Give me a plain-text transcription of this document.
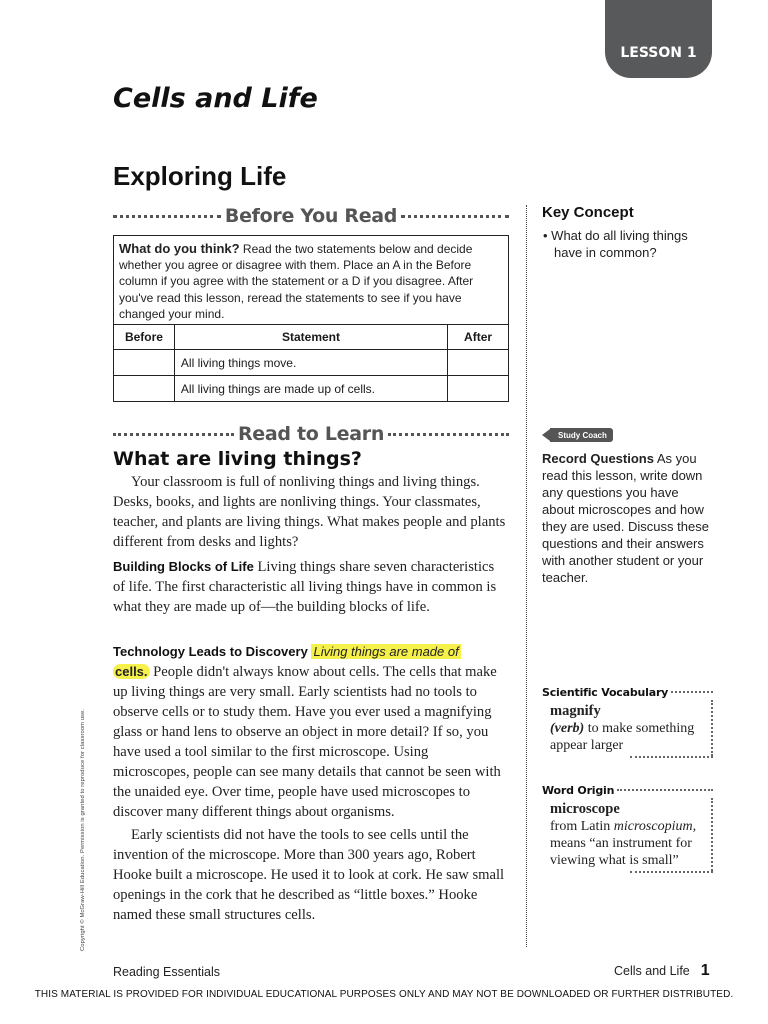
LESSON 1
Cells and Life
Exploring Life
Before You Read
What do you think? Read the two statements below and decide whether you agree or disagree with them. Place an A in the Before column if you agree with the statement or a D if you disagree. After you've read this lesson, reread the statements to see if you have changed your mind.
Before	Statement	After
	All living things move.	
	All living things are made up of cells.	
Key Concept
• What do all living things have in common?
Read to Learn
What are living things?

Your classroom is full of nonliving things and living things. Desks, books, and lights are nonliving things. Your classmates, teacher, and plants are living things. What makes people and plants different from desks and lights?

Building Blocks of Life Living things share seven characteristics of life. The first characteristic all living things have in common is what they are made up of—the building blocks of life.

Technology Leads to Discovery Living things are made of
cells. People didn't always know about cells. The cells that make up living things are very small. Early scientists had no tools to observe cells or to study them. Have you ever used a magnifying glass or hand lens to observe an object in more detail? If so, you have used a tool similar to the first microscope. Using microscopes, people can see many details that cannot be seen with the unaided eye. Over time, people have used microscopes to discover many different things about organisms.

Early scientists did not have the tools to see cells until the invention of the microscope. More than 300 years ago, Robert Hooke built a microscope. He used it to look at cork. He saw small openings in the cork that he described as “little boxes.” Hooke named these small structures cells.

Study Coach
Record Questions As you read this lesson, write down any questions you have about microscopes and how they are used. Discuss these questions and their answers with another student or your teacher.
Scientific Vocabulary
magnify
(verb) to make something appear larger
Word Origin
microscope
from Latin microscopium, means “an instrument for viewing what is small”
Copyright © McGraw-Hill Education. Permission is granted to reproduce for classroom use.
Reading Essentials	Cells and Life 1
THIS MATERIAL IS PROVIDED FOR INDIVIDUAL EDUCATIONAL PURPOSES ONLY AND MAY NOT BE DOWNLOADED OR FURTHER DISTRIBUTED.
